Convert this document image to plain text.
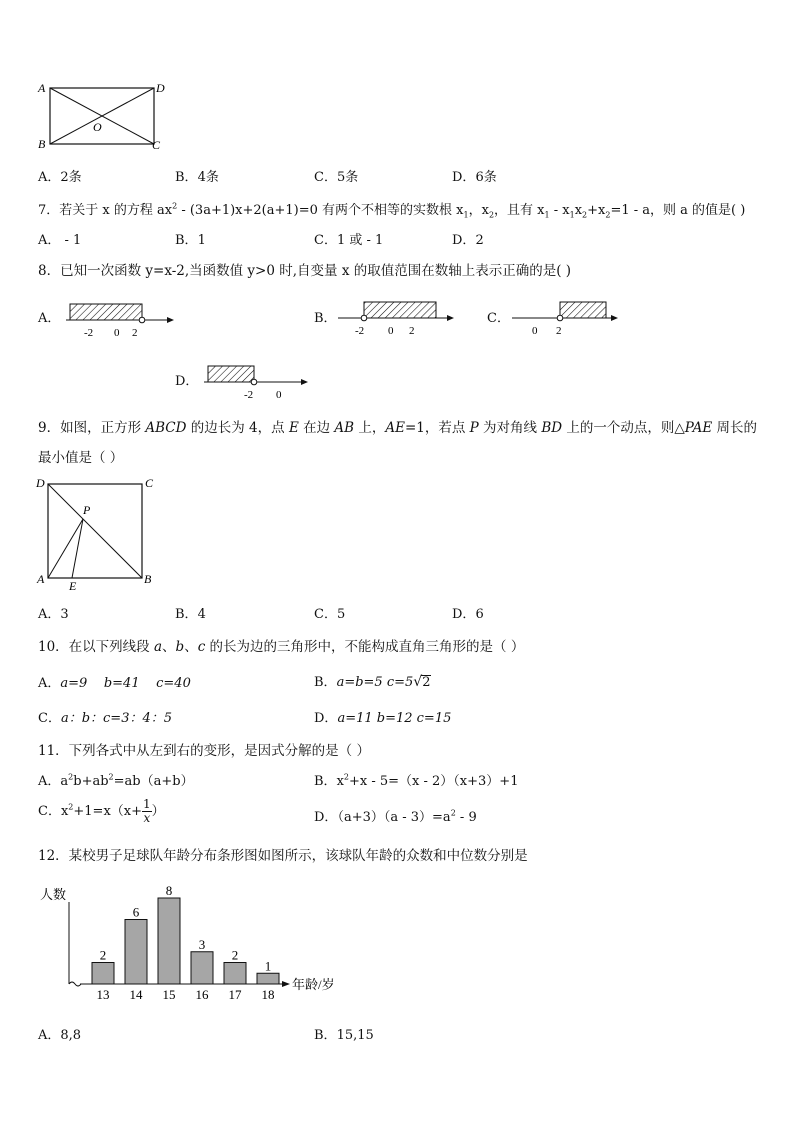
A	D
B	C
O
A．2条	B．4条	C．5条	D．6条
7．若关于 x 的方程 $ax^2 - (3a+1)x+2(a+1)=0$ 有两个不相等的实数根 $x_1$，$x_2$，且有 $x_1 - x_1x_2+x_2=1 - a$，则 a 的值是( )
A． - 1	B．1	C．1 或 - 1	D．2
8．已知一次函数 y=x-2,当函数值 y>0 时,自变量 x 的取值范围在数轴上表示正确的是( )
A．
-2 0 2
B．
-2 0 2
C．
0 2
D．
-2 0
9．如图，正方形 ABCD 的边长为 4，点 E 在边 AB 上，AE=1，若点 P 为对角线 BD 上的一个动点，则△PAE 周长的
最小值是（ ）
D	C
A	B
P
E
A．3	B．4	C．5	D．6
10．在以下列线段 a、b、c 的长为边的三角形中，不能构成直角三角形的是（ ）
A．a=9    b=41    c=40	B．a=b=5 c=5√2
C．a：b：c=3：4：5	D．a=11 b=12 c=15
11．下列各式中从左到右的变形，是因式分解的是（ ）
A．$a^2b+ab^2=ab(a+b)$	B．$x^2+x - 5=(x - 2)(x+3)+1$
C．$x^2+1=x(x+ \frac{1}{x}$ ）	D．$(a+3)(a - 3)=a^2 - 9$
12．某校男子足球队年龄分布条形图如图所示，该球队年龄的众数和中位数分别是
人数
年龄/岁
2
13
6
14
8
15
3
16
2
17
1
18
A．8,8	B．15,15
